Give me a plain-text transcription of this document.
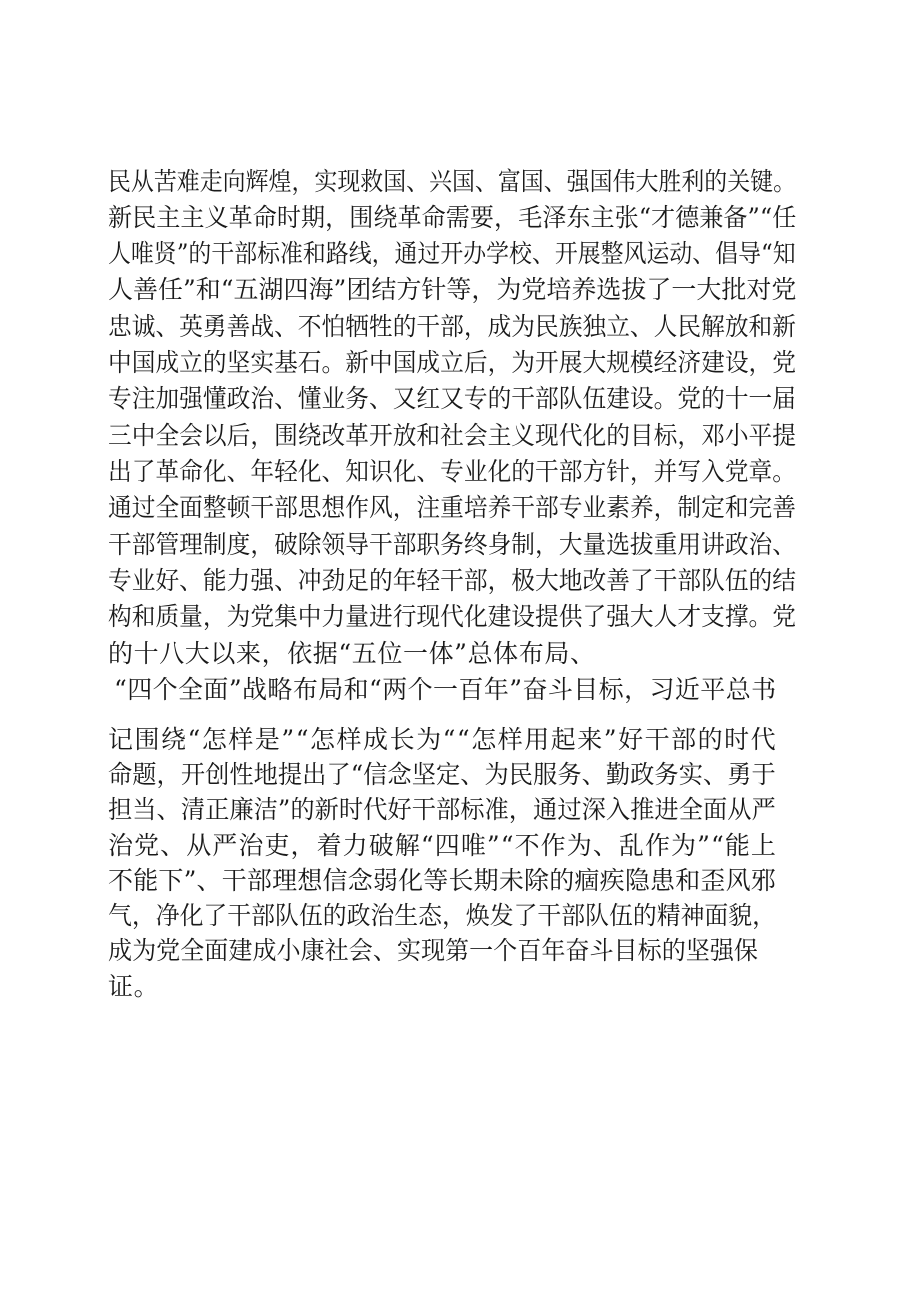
民从苦难走向辉煌，实现救国、兴国、富国、强国伟大胜利的关键。
新民主主义革命时期，围绕革命需要，毛泽东主张“才德兼备”“任
人唯贤”的干部标准和路线，通过开办学校、开展整风运动、倡导“知
人善任”和“五湖四海”团结方针等，为党培养选拔了一大批对党
忠诚、英勇善战、不怕牺牲的干部，成为民族独立、人民解放和新
中国成立的坚实基石。新中国成立后，为开展大规模经济建设，党
专注加强懂政治、懂业务、又红又专的干部队伍建设。党的十一届
三中全会以后，围绕改革开放和社会主义现代化的目标，邓小平提
出了革命化、年轻化、知识化、专业化的干部方针，并写入党章。
通过全面整顿干部思想作风，注重培养干部专业素养，制定和完善
干部管理制度，破除领导干部职务终身制，大量选拔重用讲政治、
专业好、能力强、冲劲足的年轻干部，极大地改善了干部队伍的结
构和质量，为党集中力量进行现代化建设提供了强大人才支撑。党
的十八大以来，依据“五位一体”总体布局、
“四个全面”战略布局和“两个一百年”奋斗目标，习近平总书
记围绕“怎样是”“怎样成长为““怎样用起来”好干部的时代
命题，开创性地提出了“信念坚定、为民服务、勤政务实、勇于
担当、清正廉洁”的新时代好干部标准，通过深入推进全面从严
治党、从严治吏，着力破解“四唯”“不作为、乱作为”“能上
不能下”、干部理想信念弱化等长期未除的痼疾隐患和歪风邪
气，净化了干部队伍的政治生态，焕发了干部队伍的精神面貌，
成为党全面建成小康社会、实现第一个百年奋斗目标的坚强保
证。
